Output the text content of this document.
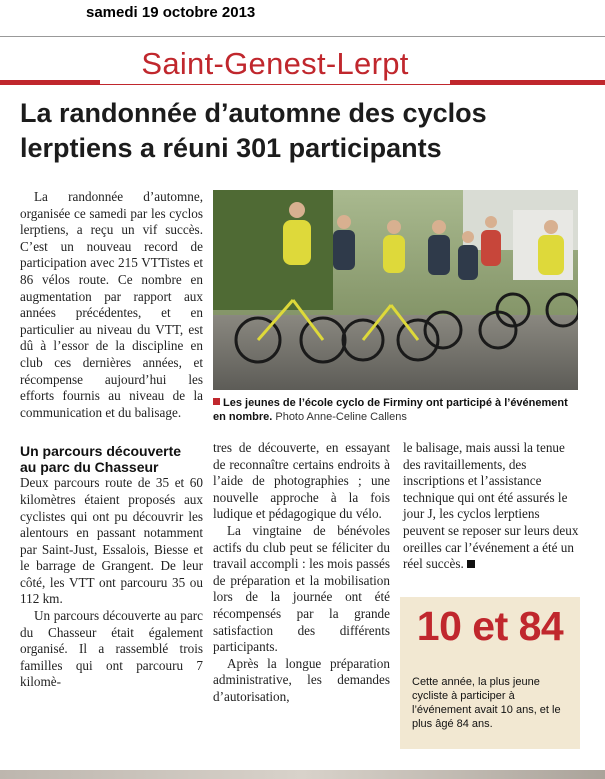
samedi 19 octobre 2013
Saint-Genest-Lerpt
La randonnée d’automne des cyclos
lerptiens a réuni 301 participants

La randonnée d’automne, organisée ce samedi par les cyclos lerptiens, a reçu un vif succès. C’est un nouveau record de participation avec 215 VTTistes et 86 vélos route. Ce nombre en augmentation par rapport aux années précédentes, et en particulier au niveau du VTT, est dû à l’essor de la discipline en club ces dernières années, et récompense aujourd’hui les efforts fournis au niveau de la communication et du balisage.

Un parcours découverte

au parc du Chasseur

Deux parcours route de 35 et 60 kilomètres étaient proposés aux cyclistes qui ont pu découvrir les alentours en passant notamment par Saint-Just, Essalois, Biesse et le barrage de Grangent. De leur côté, les VTT ont parcouru 35 ou 112 km.

Un parcours découverte au parc du Chasseur était également organisé. Il a rassemblé trois familles qui ont parcouru 7 kilomè-

Les jeunes de l’école cyclo de Firminy ont participé à l’événement en nombre. Photo Anne-Celine Callens

tres de découverte, en essayant de reconnaître certains endroits à l’aide de photographies ; une nouvelle approche à la fois ludique et pédagogique du vélo.

La vingtaine de bénévoles actifs du club peut se féliciter du travail accompli : les mois passés de préparation et la mobilisation lors de la journée ont été récompensés par la grande satisfaction des différents participants.

Après la longue préparation administrative, les demandes d’autorisation,

le balisage, mais aussi la tenue des ravitaillements, des inscriptions et l’assistance technique qui ont été assurés le jour J, les cyclos lerptiens peuvent se reposer sur leurs deux oreilles car l’événement a été un réel succès.

10 et 84
Cette année, la plus jeune cycliste à participer à l’événement avait 10 ans, et le plus âgé 84 ans.
